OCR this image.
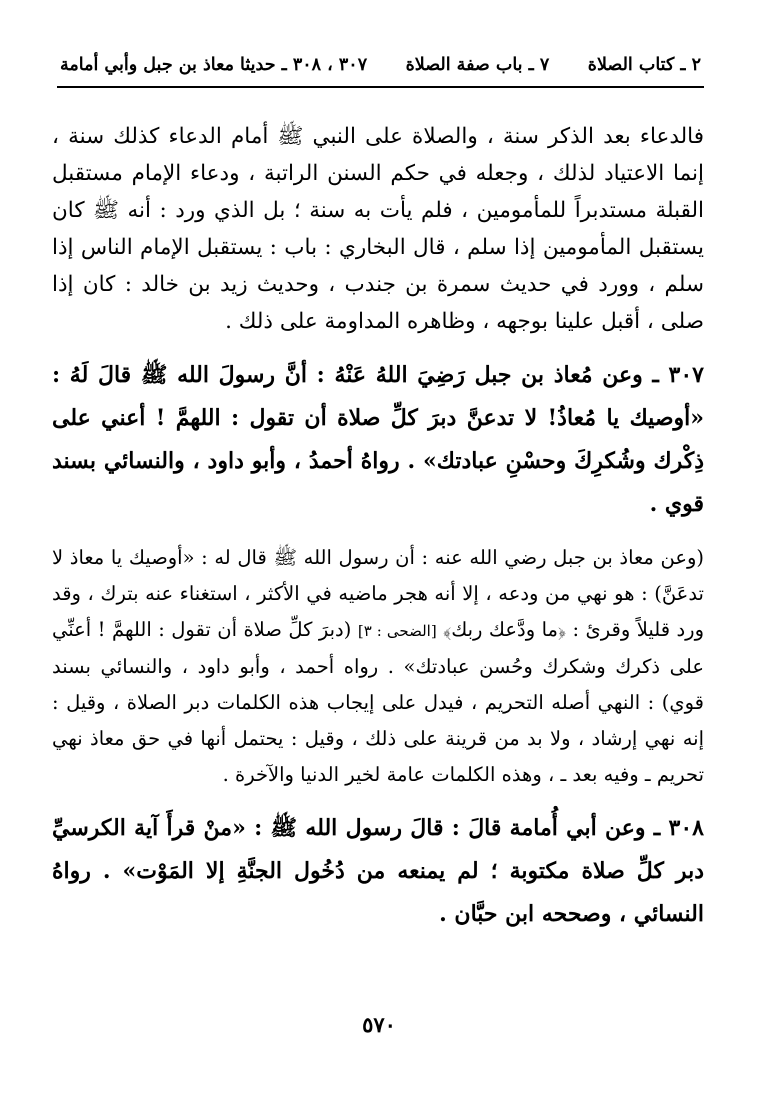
٢ ـ كتاب الصلاة
٧ ـ باب صفة الصلاة
٣٠٧ ، ٣٠٨ ـ حديثا معاذ بن جبل وأبي أمامة

فالدعاء بعد الذكر سنة ، والصلاة على النبي ﷺ أمام الدعاء كذلك سنة ، إنما الاعتياد لذلك ، وجعله في حكم السنن الراتبة ، ودعاء الإمام مستقبل القبلة مستدبراً للمأمومين ، فلم يأت به سنة ؛ بل الذي ورد : أنه ﷺ كان يستقبل المأمومين إذا سلم ، قال البخاري : باب : يستقبل الإمام الناس إذا سلم ، وورد في حديث سمرة بن جندب ، وحديث زيد بن خالد : كان إذا صلى ، أقبل علينا بوجهه ، وظاهره المداومة على ذلك .

٣٠٧ ـ وعن مُعاذ بن جبل رَضِيَ اللهُ عَنْهُ : أنَّ رسولَ الله ﷺ قالَ لَهُ : «أوصيك يا مُعاذُ! لا تدعنَّ دبرَ كلِّ صلاة أن تقول : اللهمَّ ! أعني على ذِكْرك وشُكرِكَ وحسْنِ عبادتك» . رواهُ أحمدُ ، وأبو داود ، والنسائي بسند قوي .

(وعن معاذ بن جبل رضي الله عنه : أن رسول الله ﷺ قال له : «أوصيك يا معاذ لا تدعَنَّ) : هو نهي من ودعه ، إلا أنه هجر ماضيه في الأكثر ، استغناء عنه بترك ، وقد ورد قليلاً وقرئ : ﴿ما ودَّعك ربك﴾ [الضحى : ٣] (دبرَ كلِّ صلاة أن تقول : اللهمَّ ! أعنِّي على ذكرك وشكرك وحُسن عبادتك» . رواه أحمد ، وأبو داود ، والنسائي بسند قوي) : النهي أصله التحريم ، فيدل على إيجاب هذه الكلمات دبر الصلاة ، وقيل : إنه نهي إرشاد ، ولا بد من قرينة على ذلك ، وقيل : يحتمل أنها في حق معاذ نهي تحريم ـ وفيه بعد ـ ، وهذه الكلمات عامة لخير الدنيا والآخرة .

٣٠٨ ـ وعن أبي أُمامة قالَ : قالَ رسول الله ﷺ : «منْ قرأَ آية الكرسيِّ دبر كلِّ صلاة مكتوبة ؛ لم يمنعه من دُخُول الجنَّةِ إلا المَوْت» . رواهُ النسائي ، وصححه ابن حبَّان .

٥٧٠
